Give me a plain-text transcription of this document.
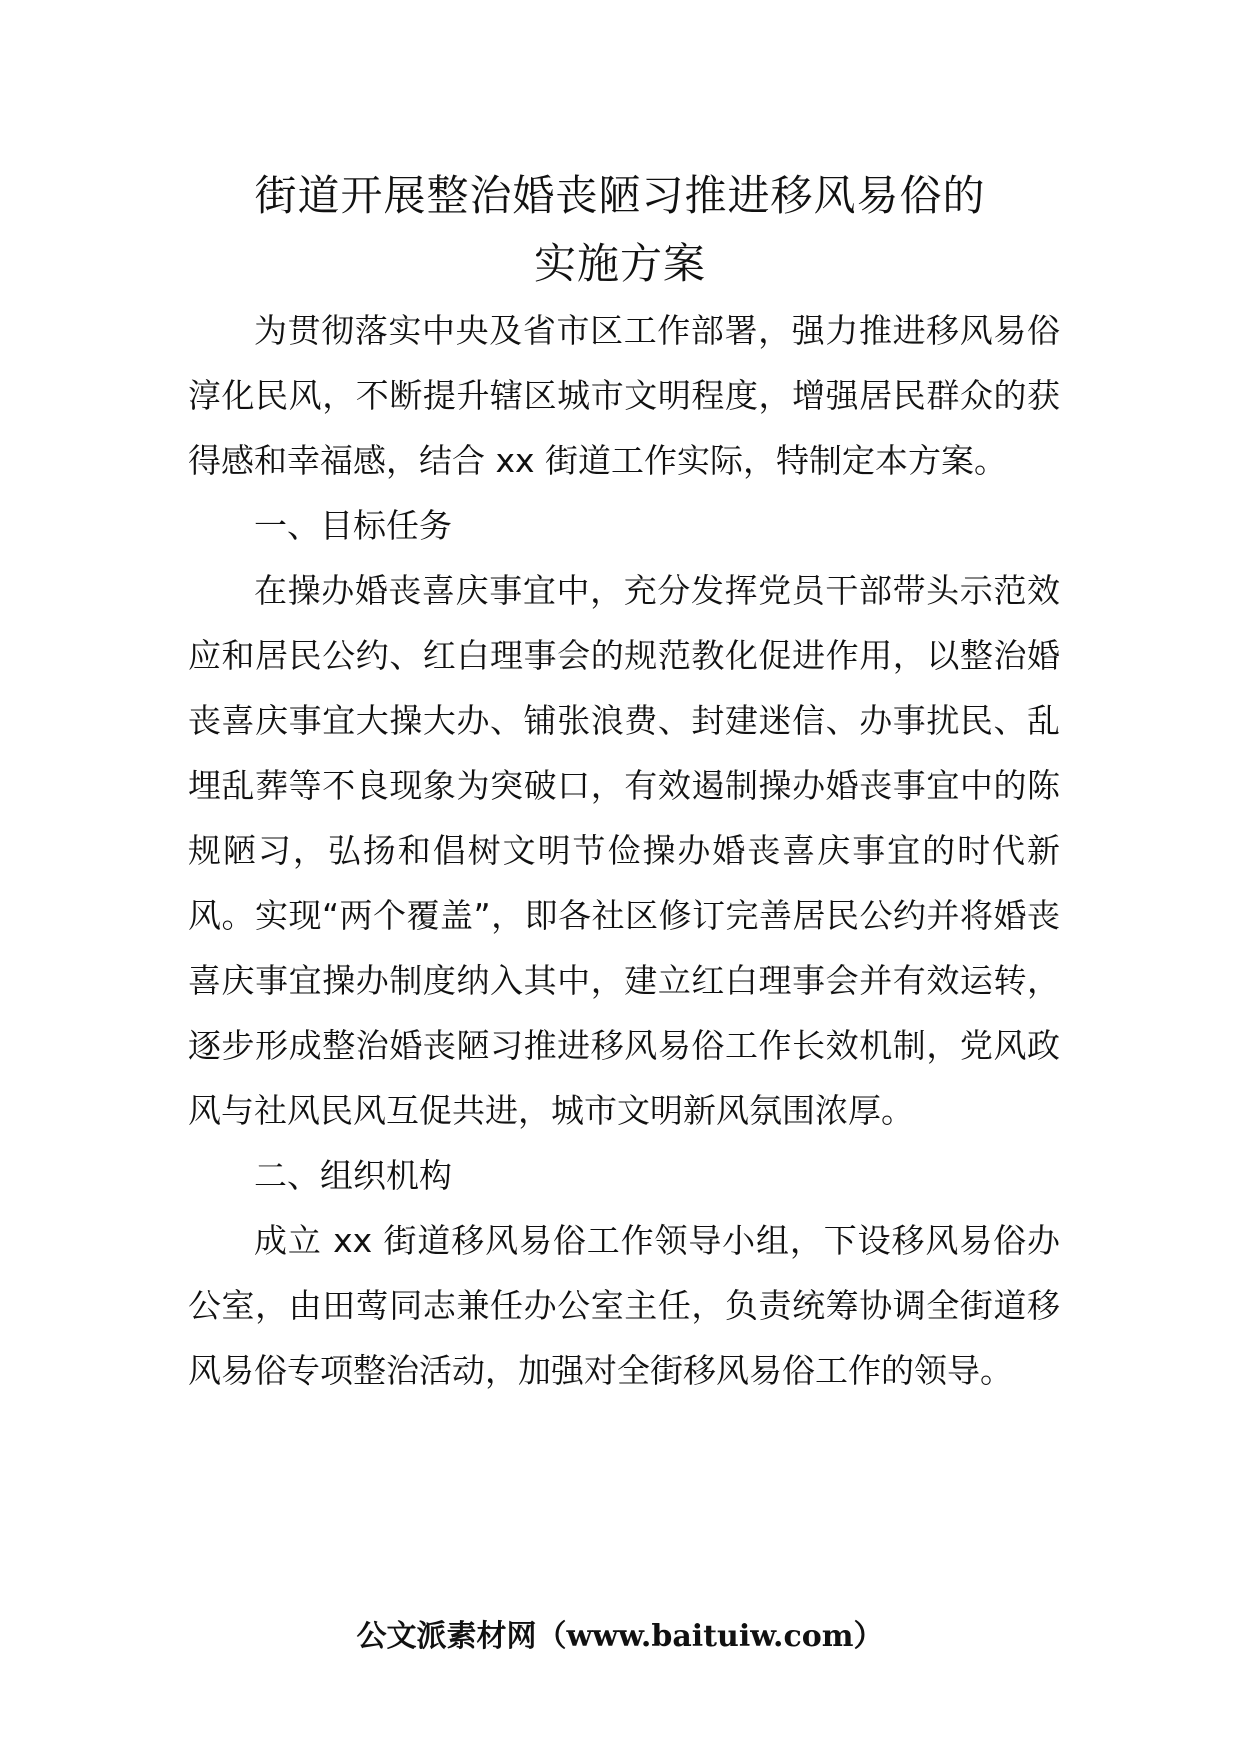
街道开展整治婚丧陋习推进移风易俗的
实施方案

为贯彻落实中央及省市区工作部署，强力推进移风易俗淳化民风，不断提升辖区城市文明程度，增强居民群众的获得感和幸福感，结合 xx 街道工作实际，特制定本方案。

一、目标任务

在操办婚丧喜庆事宜中，充分发挥党员干部带头示范效应和居民公约、红白理事会的规范教化促进作用，以整治婚丧喜庆事宜大操大办、铺张浪费、封建迷信、办事扰民、乱埋乱葬等不良现象为突破口，有效遏制操办婚丧事宜中的陈规陋习，弘扬和倡树文明节俭操办婚丧喜庆事宜的时代新风。实现“两个覆盖”，即各社区修订完善居民公约并将婚丧喜庆事宜操办制度纳入其中，建立红白理事会并有效运转，逐步形成整治婚丧陋习推进移风易俗工作长效机制，党风政风与社风民风互促共进，城市文明新风氛围浓厚。

二、组织机构

成立 xx 街道移风易俗工作领导小组，下设移风易俗办公室，由田莺同志兼任办公室主任，负责统筹协调全街道移风易俗专项整治活动，加强对全街移风易俗工作的领导。

公文派素材网（www.baituiw.com）
